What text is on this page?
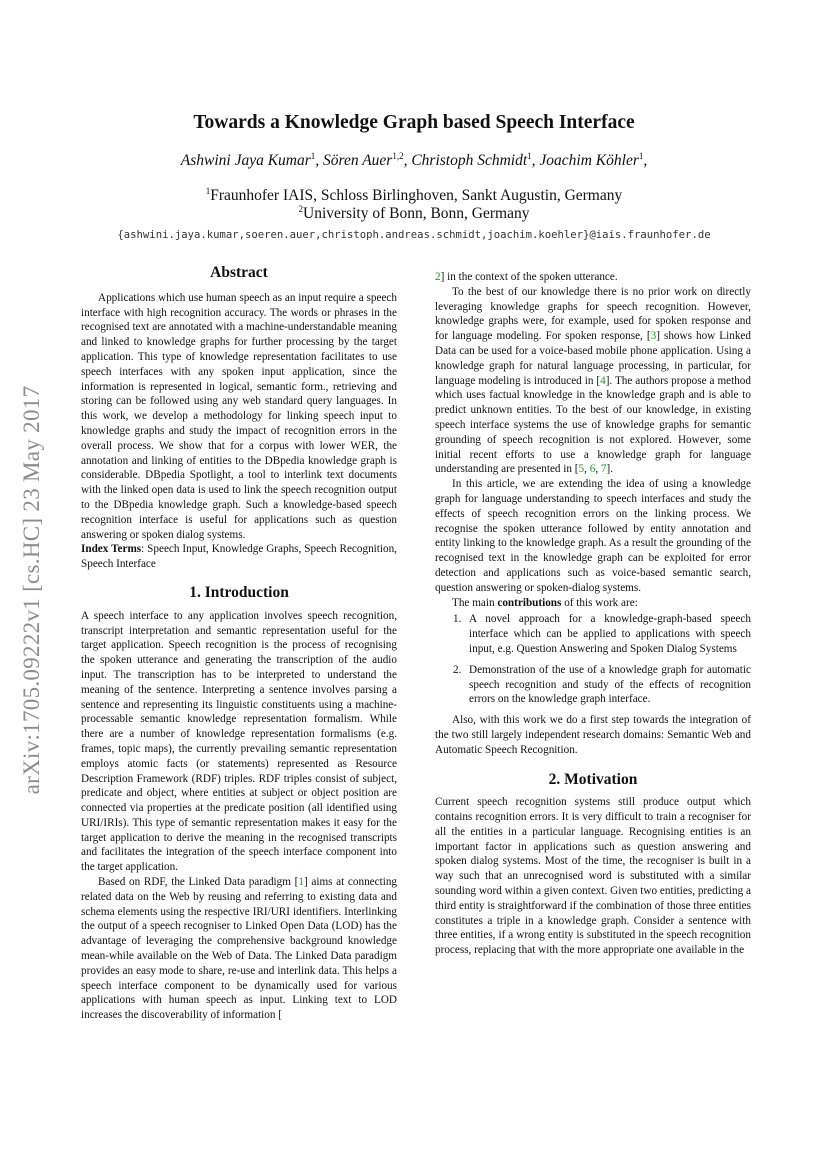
arXiv:1705.09222v1 [cs.HC] 23 May 2017
Towards a Knowledge Graph based Speech Interface
Ashwini Jaya Kumar$^1$, Sören Auer$^{1,2}$, Christoph Schmidt$^1$, Joachim Köhler$^1$,
$^1$Fraunhofer IAIS, Schloss Birlinghoven, Sankt Augustin, Germany
$^2$University of Bonn, Bonn, Germany
{ashwini.jaya.kumar,soeren.auer,christoph.andreas.schmidt,joachim.koehler}@iais.fraunhofer.de
Abstract

Applications which use human speech as an input require a speech interface with high recognition accuracy. The words or phrases in the recognised text are annotated with a machine-understandable meaning and linked to knowledge graphs for further processing by the target application. This type of knowledge representation facilitates to use speech interfaces with any spoken input application, since the information is represented in logical, semantic form., retrieving and storing can be followed using any web standard query languages. In this work, we develop a methodology for linking speech input to knowledge graphs and study the impact of recognition errors in the overall process. We show that for a corpus with lower WER, the annotation and linking of entities to the DBpedia knowledge graph is considerable. DBpedia Spotlight, a tool to interlink text documents with the linked open data is used to link the speech recognition output to the DBpedia knowledge graph. Such a knowledge-based speech recognition interface is useful for applications such as question answering or spoken dialog systems.

Index Terms: Speech Input, Knowledge Graphs, Speech Recognition, Speech Interface

1. Introduction

A speech interface to any application involves speech recognition, transcript interpretation and semantic representation useful for the target application. Speech recognition is the process of recognising the spoken utterance and generating the transcription of the audio input. The transcription has to be interpreted to understand the meaning of the sentence. Interpreting a sentence involves parsing a sentence and representing its linguistic constituents using a machine-processable semantic knowledge representation formalism. While there are a number of knowledge representation formalisms (e.g. frames, topic maps), the currently prevailing semantic representation employs atomic facts (or statements) represented as Resource Description Framework (RDF) triples. RDF triples consist of subject, predicate and object, where entities at subject or object position are connected via properties at the predicate position (all identified using URI/IRIs). This type of semantic representation makes it easy for the target application to derive the meaning in the recognised transcripts and facilitates the integration of the speech interface component into the target application.

Based on RDF, the Linked Data paradigm [1] aims at connecting related data on the Web by reusing and referring to existing data and schema elements using the respective IRI/URI identifiers. Interlinking the output of a speech recogniser to Linked Open Data (LOD) has the advantage of leveraging the comprehensive background knowledge mean-while available on the Web of Data. The Linked Data paradigm provides an easy mode to share, re-use and interlink data. This helps a speech interface component to be dynamically used for various applications with human speech as input. Linking text to LOD increases the discoverability of information [

2] in the context of the spoken utterance.

To the best of our knowledge there is no prior work on directly leveraging knowledge graphs for speech recognition. However, knowledge graphs were, for example, used for spoken response and for language modeling. For spoken response, [3] shows how Linked Data can be used for a voice-based mobile phone application. Using a knowledge graph for natural language processing, in particular, for language modeling is introduced in [4]. The authors propose a method which uses factual knowledge in the knowledge graph and is able to predict unknown entities. To the best of our knowledge, in existing speech interface systems the use of knowledge graphs for semantic grounding of speech recognition is not explored. However, some initial recent efforts to use a knowledge graph for language understanding are presented in [5, 6, 7].

In this article, we are extending the idea of using a knowledge graph for language understanding to speech interfaces and study the effects of speech recognition errors on the linking process. We recognise the spoken utterance followed by entity annotation and entity linking to the knowledge graph. As a result the grounding of the recognised text in the knowledge graph can be exploited for error detection and applications such as voice-based semantic search, question answering or spoken-dialog systems.

The main contributions of this work are:

1. A novel approach for a knowledge-graph-based speech interface which can be applied to applications with speech input, e.g. Question Answering and Spoken Dialog Systems
2. Demonstration of the use of a knowledge graph for automatic speech recognition and study of the effects of recognition errors on the knowledge graph interface.

Also, with this work we do a first step towards the integration of the two still largely independent research domains: Semantic Web and Automatic Speech Recognition.

2. Motivation

Current speech recognition systems still produce output which contains recognition errors. It is very difficult to train a recogniser for all the entities in a particular language. Recognising entities is an important factor in applications such as question answering and spoken dialog systems. Most of the time, the recogniser is built in a way such that an unrecognised word is substituted with a similar sounding word within a given context. Given two entities, predicting a third entity is straightforward if the combination of those three entities constitutes a triple in a knowledge graph. Consider a sentence with three entities, if a wrong entity is substituted in the speech recognition process, replacing that with the more appropriate one available in the
